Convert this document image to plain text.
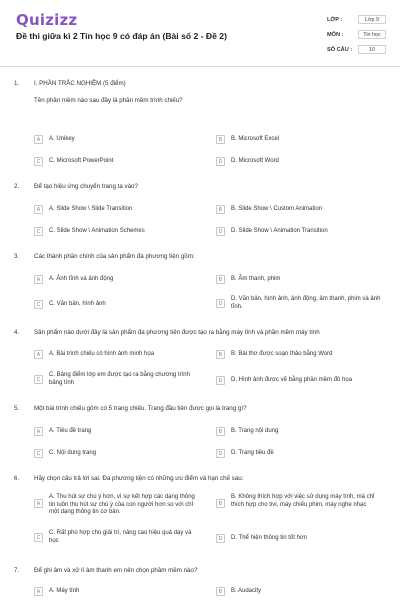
Quizizz
Đề thi giữa kì 2 Tin học 9 có đáp án (Bài số 2 - Đề 2)
LỚP :	Lớp 9
MÔN :	Tin học
SỐ CÂU :	10
1. I. PHẦN TRẮC NGHIỆM (5 điểm)
Tên phần mềm nào sau đây là phần mềm trình chiếu?
A	A. Unikey	B	B. Microsoft Excel
C	C. Microsoft PowerPoint	D	D. Microsoft Word
2. Để tạo hiệu ứng chuyển trang ta vào?
A	A. Slide Show \ Slide Transition	B	B. Slide Show \ Custom Animation
C	C. Slide Show \ Animation Schemes	D	D. Slide Show \ Animation Transition
3. Các thành phần chính của sản phẩm đa phương tiện gồm:
A	A. Ảnh tĩnh và ảnh động	B	B. Âm thanh, phim
C	C. Văn bản, hình ảnh	D
D. Văn bản, hình ảnh, ảnh động, âm thanh, phim và ảnh tĩnh.
4. Sản phẩm nào dưới đây là sản phẩm đa phương tiện được tạo ra bằng máy tính và phần mềm máy tính
A	A. Bài trình chiếu có hình ảnh minh họa	B	B. Bài thơ được soạn thảo bằng Word
C
C. Bảng điểm lớp em được tạo ra bằng chương trình bảng tính	D	D. Hình ảnh được vẽ bằng phần mềm đồ họa
5. Một bài trình chiếu gồm có 5 trang chiếu. Trang đầu tiên được gọi là trang gì?
A	A. Tiêu đề trang	B	B. Trang nội dung
C	C. Nội dung trang	D	D. Trang tiêu đề
6. Hãy chọn câu trả lời sai. Đa phương tiện có những ưu điểm và hạn chế sau:
A
A. Thu hút sự chú ý hơn, vì sự kết hợp các dạng thông tin luôn thu hút sự chú ý của con người hơn so với chỉ một dạng thông tin cơ bản.
B
B. Không thích hợp với việc sử dụng máy tính, mà chỉ thích hợp cho tivi, máy chiếu phim, máy nghe nhạc
C
C. Rất phù hợp cho giải trí, nâng cao hiệu quả dạy và học	D	D. Thể hiện thông tin tốt hơn
7. Để ghi âm và xử lí âm thanh em nên chọn phầm mềm nào?
A	A. Máy tính	B	B. Audacity
